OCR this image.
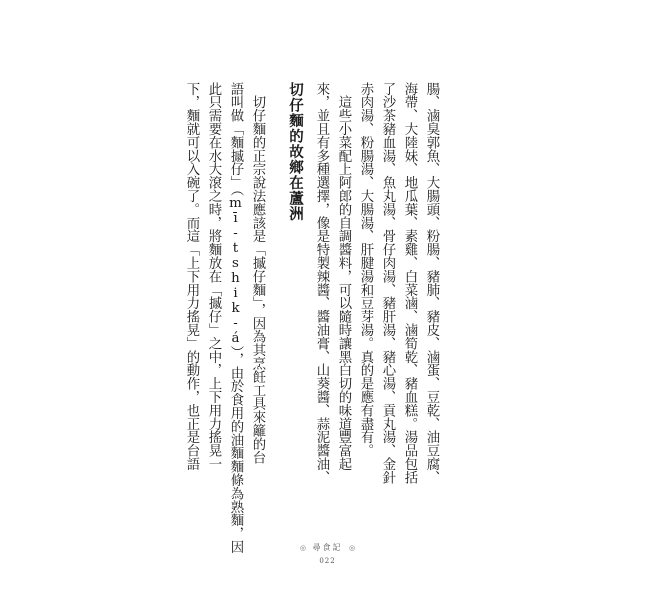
腸、滷臭郭魚、大腸頭、粉腸、豬肺、豬皮、滷蛋、豆乾、油豆腐、
海帶、大陸妹、地瓜葉、素雞、白菜滷、滷筍乾、豬血糕。湯品包括
了沙茶豬血湯、魚丸湯、骨仔肉湯、豬肝湯、豬心湯、貢丸湯、金針
赤肉湯、粉腸湯、大腸湯、肝腱湯和豆芽湯。真的是應有盡有。
　這些小菜配上阿郎的自調醬料，可以隨時讓黑白切的味道豐富起
來，並且有多種選擇，像是特製辣醬、醬油膏、山葵醬、蒜泥醬油、
切仔麵的故鄉在蘆洲
　切仔麵的正宗說法應該是「摵仔麵」，因為其烹飪工具來籬的台
語叫做「麵摵仔」（mī-tshik-á），由於食用的油麵麵條為熟麵，因
此只需要在水大滾之時，將麵放在「摵仔」之中，上下用力搖晃一
下，麵就可以入碗了。而這「上下用力搖晃」的動作，也正是台語
◎ 尋食記 ◎
022
